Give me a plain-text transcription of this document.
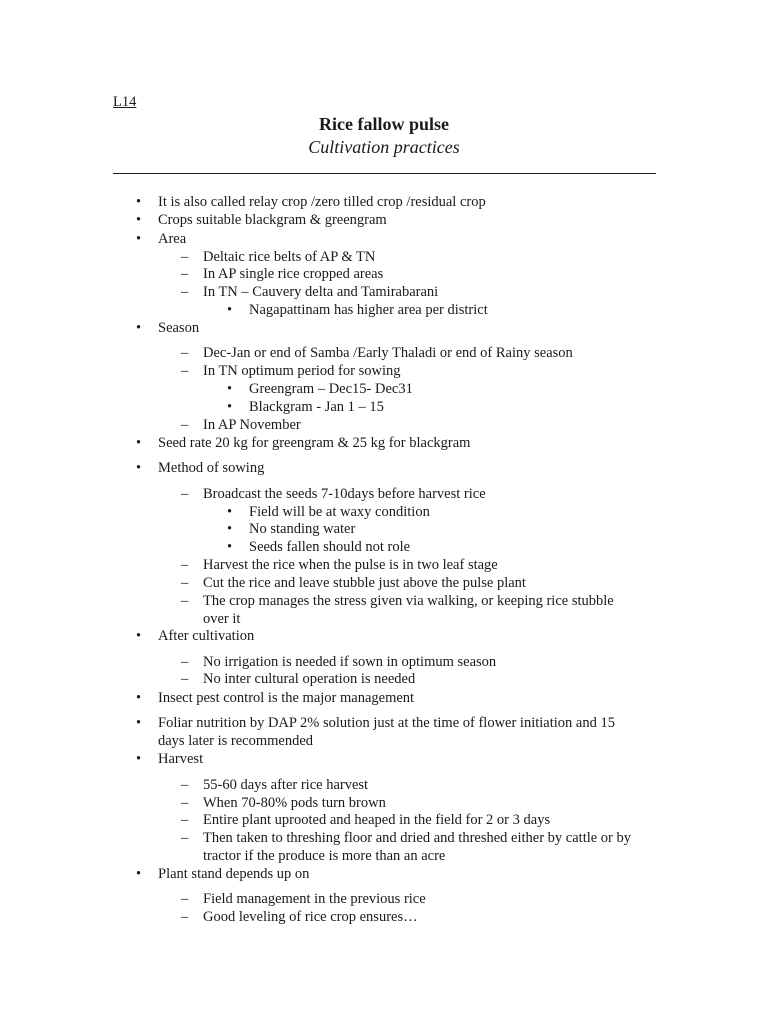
L14
Rice fallow pulse
Cultivation practices
• It is also called relay crop /zero tilled crop /residual crop
• Crops suitable blackgram & greengram
• Area
– Deltaic rice belts of AP & TN
– In AP single rice cropped areas
– In TN – Cauvery delta and Tamirabarani
• Nagapattinam has higher area per district
• Season
– Dec-Jan or end of Samba /Early Thaladi or end of Rainy season
– In TN optimum period for sowing
• Greengram – Dec15- Dec31
• Blackgram - Jan 1 – 15
– In AP November
• Seed rate 20 kg for greengram & 25 kg for blackgram
• Method of sowing
– Broadcast the seeds 7-10days before harvest rice
• Field will be at waxy condition
• No standing water
• Seeds fallen should not role
– Harvest the rice when the pulse is in two leaf stage
– Cut the rice and leave stubble just above the pulse plant
– The crop manages the stress given via walking, or keeping rice stubble
over it
• After cultivation
– No irrigation is needed if sown in optimum season
– No inter cultural operation is needed
• Insect pest control is the major management
• Foliar nutrition by DAP 2% solution just at the time of flower initiation and 15
days later is recommended
• Harvest
– 55-60 days after rice harvest
– When 70-80% pods turn brown
– Entire plant uprooted and heaped in the field for 2 or 3 days
– Then taken to threshing floor and dried and threshed either by cattle or by
tractor if the produce is more than an acre
• Plant stand depends up on
– Field management in the previous rice
– Good leveling of rice crop ensures…
